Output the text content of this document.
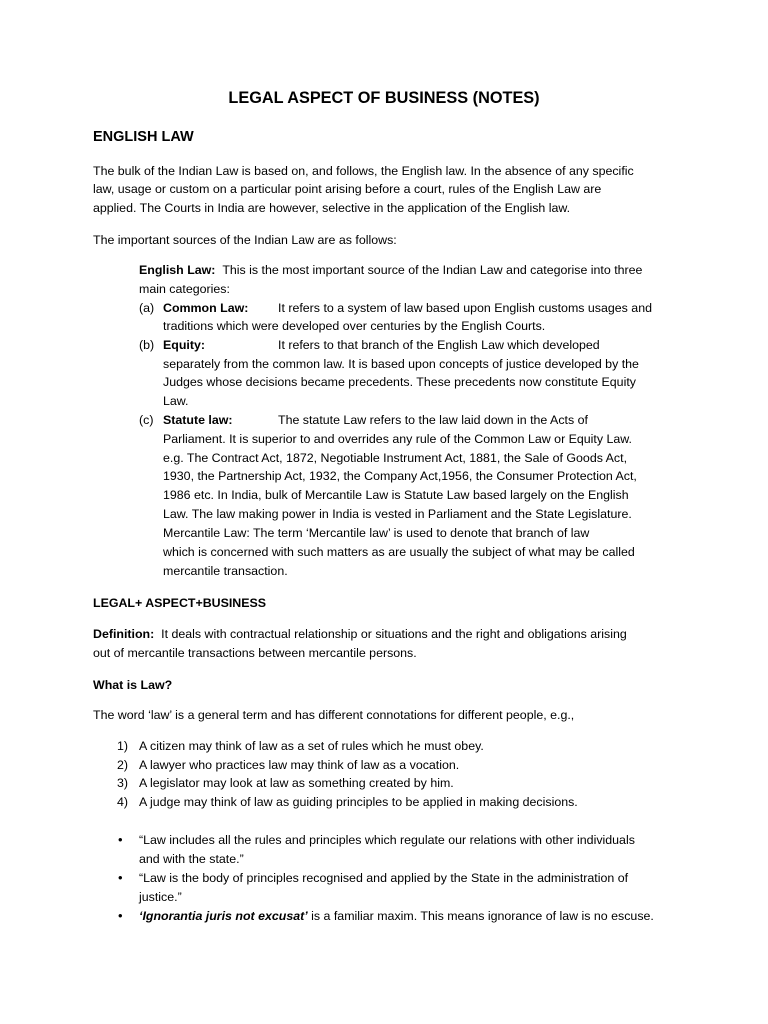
LEGAL ASPECT OF BUSINESS (NOTES)
ENGLISH LAW
The bulk of the Indian Law is based on, and follows, the English law. In the absence of any specific
law, usage or custom on a particular point arising before a court, rules of the English Law are
applied. The Courts in India are however, selective in the application of the English law.
The important sources of the Indian Law are as follows:
English Law: This is the most important source of the Indian Law and categorise into three
main categories:
(a) Common Law: It refers to a system of law based upon English customs usages and
traditions which were developed over centuries by the English Courts.
(b) Equity:	It refers to that branch of the English Law which developed
separately from the common law. It is based upon concepts of justice developed by the
Judges whose decisions became precedents. These precedents now constitute Equity
Law.
(c) Statute law:	The statute Law refers to the law laid down in the Acts of
Parliament. It is superior to and overrides any rule of the Common Law or Equity Law.
e.g. The Contract Act, 1872, Negotiable Instrument Act, 1881, the Sale of Goods Act,
1930, the Partnership Act, 1932, the Company Act,1956, the Consumer Protection Act,
1986 etc. In India, bulk of Mercantile Law is Statute Law based largely on the English
Law. The law making power in India is vested in Parliament and the State Legislature.
Mercantile Law: The term ‘Mercantile law’ is used to denote that branch of law
which is concerned with such matters as are usually the subject of what may be called
mercantile transaction.
LEGAL+ ASPECT+BUSINESS
Definition: It deals with contractual relationship or situations and the right and obligations arising
out of mercantile transactions between mercantile persons.
What is Law?
The word ‘law’ is a general term and has different connotations for different people, e.g.,
1) A citizen may think of law as a set of rules which he must obey.
2) A lawyer who practices law may think of law as a vocation.
3) A legislator may look at law as something created by him.
4) A judge may think of law as guiding principles to be applied in making decisions.
• “Law includes all the rules and principles which regulate our relations with other individuals
and with the state.”
• “Law is the body of principles recognised and applied by the State in the administration of
justice.”
• ‘Ignorantia juris not excusat’ is a familiar maxim. This means ignorance of law is no escuse.
